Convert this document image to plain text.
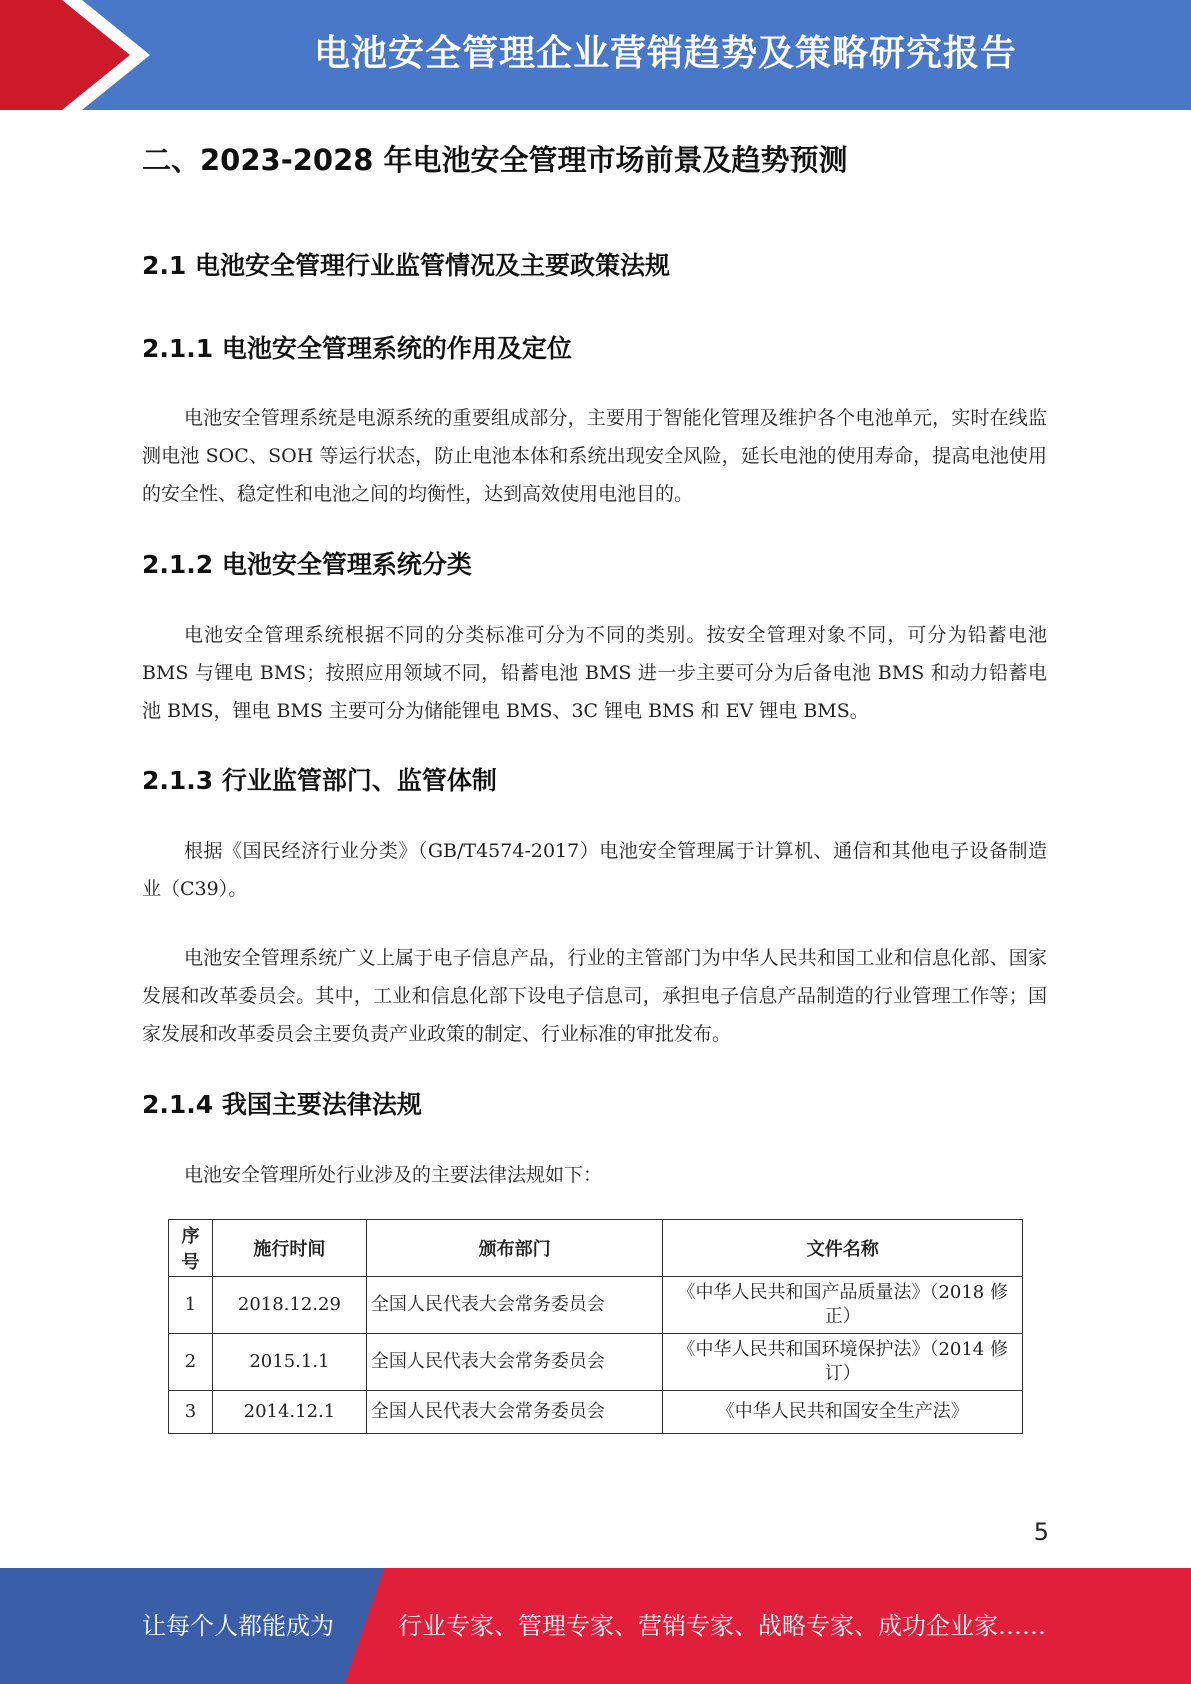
电池安全管理企业营销趋势及策略研究报告
二、2023-2028 年电池安全管理市场前景及趋势预测
2.1 电池安全管理行业监管情况及主要政策法规
2.1.1 电池安全管理系统的作用及定位

电池安全管理系统是电源系统的重要组成部分，主要用于智能化管理及维护各个电池单元，实时在线监测电池 SOC、SOH 等运行状态，防止电池本体和系统出现安全风险，延长电池的使用寿命，提高电池使用的安全性、稳定性和电池之间的均衡性，达到高效使用电池目的。

2.1.2 电池安全管理系统分类

电池安全管理系统根据不同的分类标准可分为不同的类别。按安全管理对象不同，可分为铅蓄电池 BMS 与锂电 BMS；按照应用领域不同，铅蓄电池 BMS 进一步主要可分为后备电池 BMS 和动力铅蓄电池 BMS，锂电 BMS 主要可分为储能锂电 BMS、3C 锂电 BMS 和 EV 锂电 BMS。

2.1.3 行业监管部门、监管体制

根据《国民经济行业分类》（GB/T4574-2017）电池安全管理属于计算机、通信和其他电子设备制造业（C39）。

电池安全管理系统广义上属于电子信息产品，行业的主管部门为中华人民共和国工业和信息化部、国家发展和改革委员会。其中，工业和信息化部下设电子信息司，承担电子信息产品制造的行业管理工作等；国家发展和改革委员会主要负责产业政策的制定、行业标准的审批发布。

2.1.4 我国主要法律法规

电池安全管理所处行业涉及的主要法律法规如下：

序号	施行时间	颁布部门	文件名称
1	2018.12.29	全国人民代表大会常务委员会	《中华人民共和国产品质量法》（2018 修正）
2	2015.1.1	全国人民代表大会常务委员会	《中华人民共和国环境保护法》（2014 修订）
3	2014.12.1	全国人民代表大会常务委员会	《中华人民共和国安全生产法》
5
让每个人都能成为	行业专家、管理专家、营销专家、战略专家、成功企业家……
